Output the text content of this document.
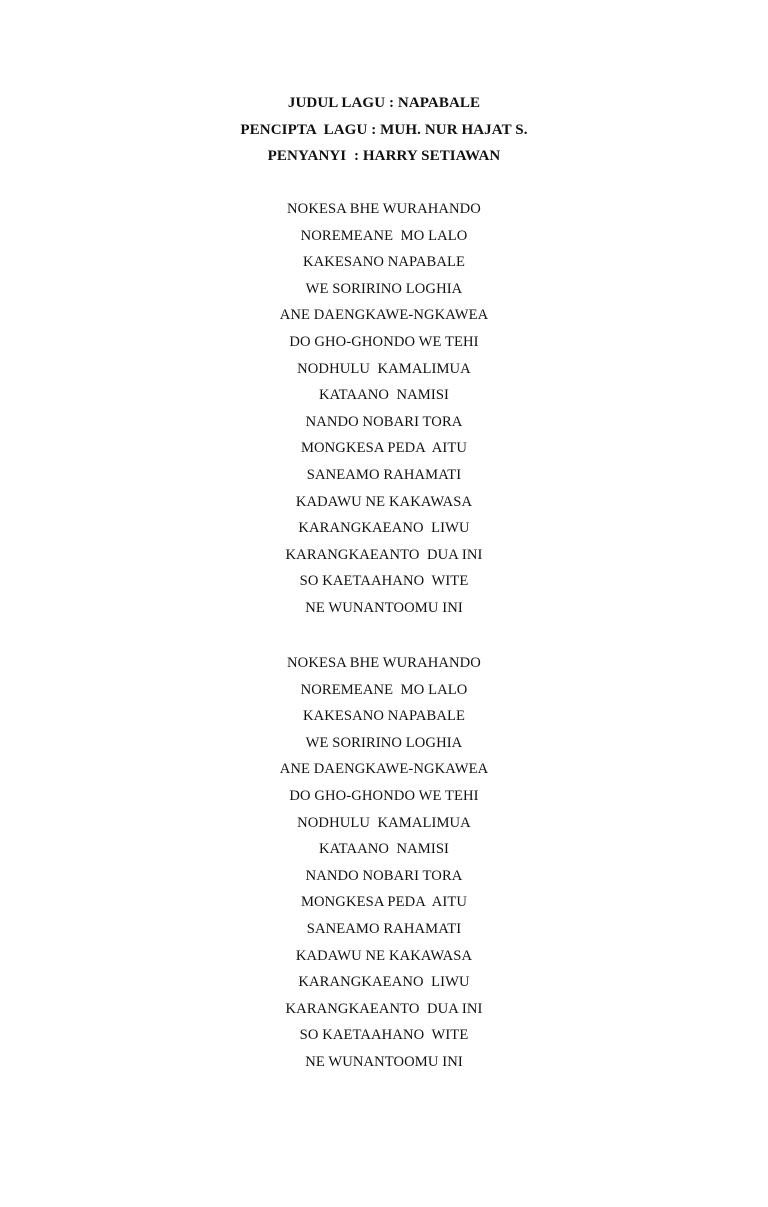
JUDUL LAGU : NAPABALE
PENCIPTA  LAGU : MUH. NUR HAJAT S.
PENYANYI  : HARRY SETIAWAN
NOKESA BHE WURAHANDO
NOREMEANE  MO LALO
KAKESANO NAPABALE
WE SORIRINO LOGHIA
ANE DAENGKAWE-NGKAWEA
DO GHO-GHONDO WE TEHI
NODHULU  KAMALIMUA
KATAANO  NAMISI
NANDO NOBARI TORA
MONGKESA PEDA  AITU
SANEAMO RAHAMATI
KADAWU NE KAKAWASA
KARANGKAEANO  LIWU
KARANGKAEANTO  DUA INI
SO KAETAAHANO  WITE
NE WUNANTOOMU INI
NOKESA BHE WURAHANDO
NOREMEANE  MO LALO
KAKESANO NAPABALE
WE SORIRINO LOGHIA
ANE DAENGKAWE-NGKAWEA
DO GHO-GHONDO WE TEHI
NODHULU  KAMALIMUA
KATAANO  NAMISI
NANDO NOBARI TORA
MONGKESA PEDA  AITU
SANEAMO RAHAMATI
KADAWU NE KAKAWASA
KARANGKAEANO  LIWU
KARANGKAEANTO  DUA INI
SO KAETAAHANO  WITE
NE WUNANTOOMU INI
